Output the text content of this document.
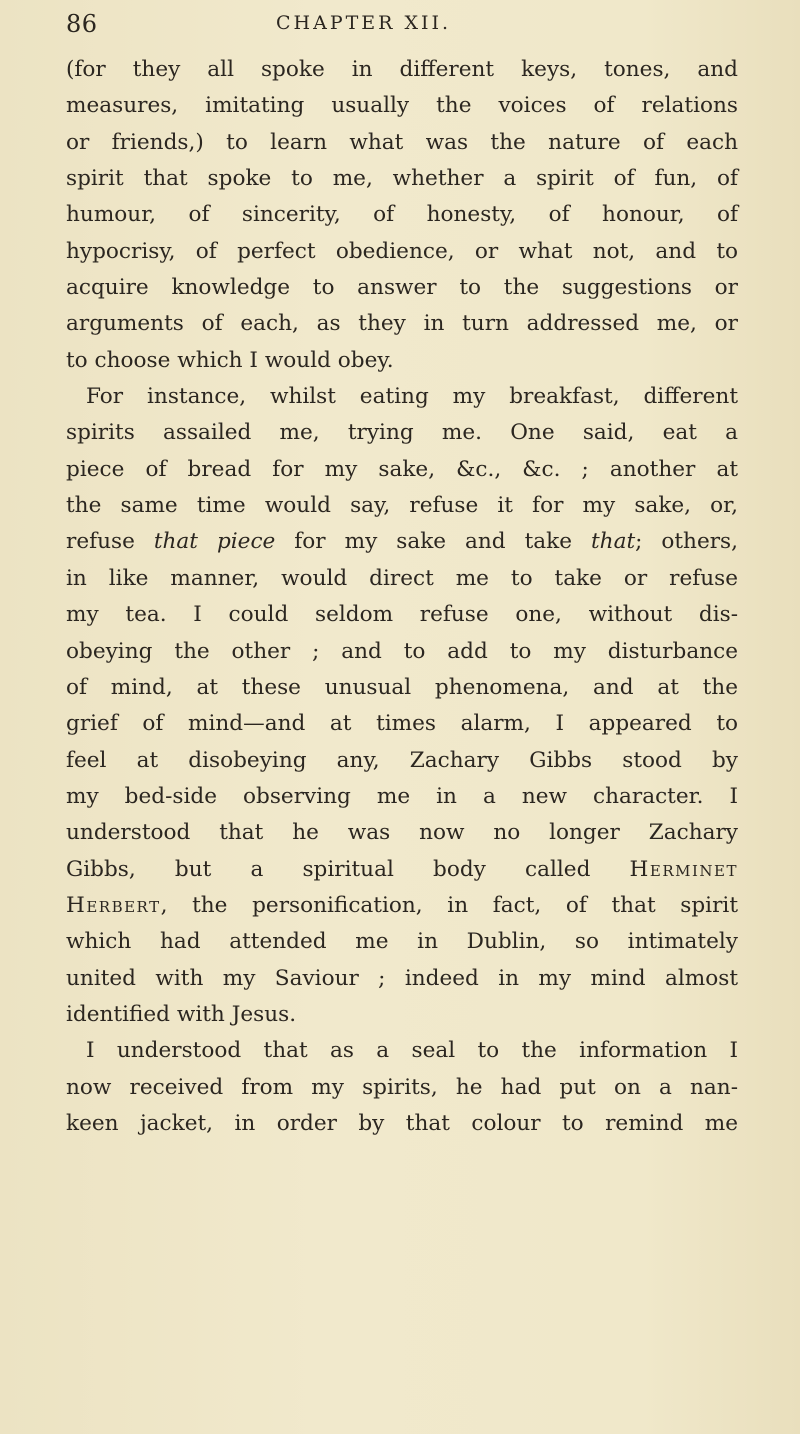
86	CHAPTER XII.
(for they all spoke in different keys, tones, and
measures, imitating usually the voices of relations
or friends,) to learn what was the nature of each
spirit that spoke to me, whether a spirit of fun, of
humour, of sincerity, of honesty, of honour, of
hypocrisy, of perfect obedience, or what not, and to
acquire knowledge to answer to the suggestions or
arguments of each, as they in turn addressed me, or
to choose which I would obey.
For instance, whilst eating my breakfast, different
spirits assailed me, trying me. One said, eat a
piece of bread for my sake, &c., &c. ; another at
the same time would say, refuse it for my sake, or,
refuse that piece for my sake and take that; others,
in like manner, would direct me to take or refuse
my tea. I could seldom refuse one, without dis-
obeying the other ; and to add to my disturbance
of mind, at these unusual phenomena, and at the
grief of mind—and at times alarm, I appeared to
feel at disobeying any, Zachary Gibbs stood by
my bed-side observing me in a new character. I
understood that he was now no longer Zachary
Gibbs, but a spiritual body called Herminet
Herbert, the personification, in fact, of that spirit
which had attended me in Dublin, so intimately
united with my Saviour ; indeed in my mind almost
identified with Jesus.
I understood that as a seal to the information I
now received from my spirits, he had put on a nan-
keen jacket, in order by that colour to remind me
